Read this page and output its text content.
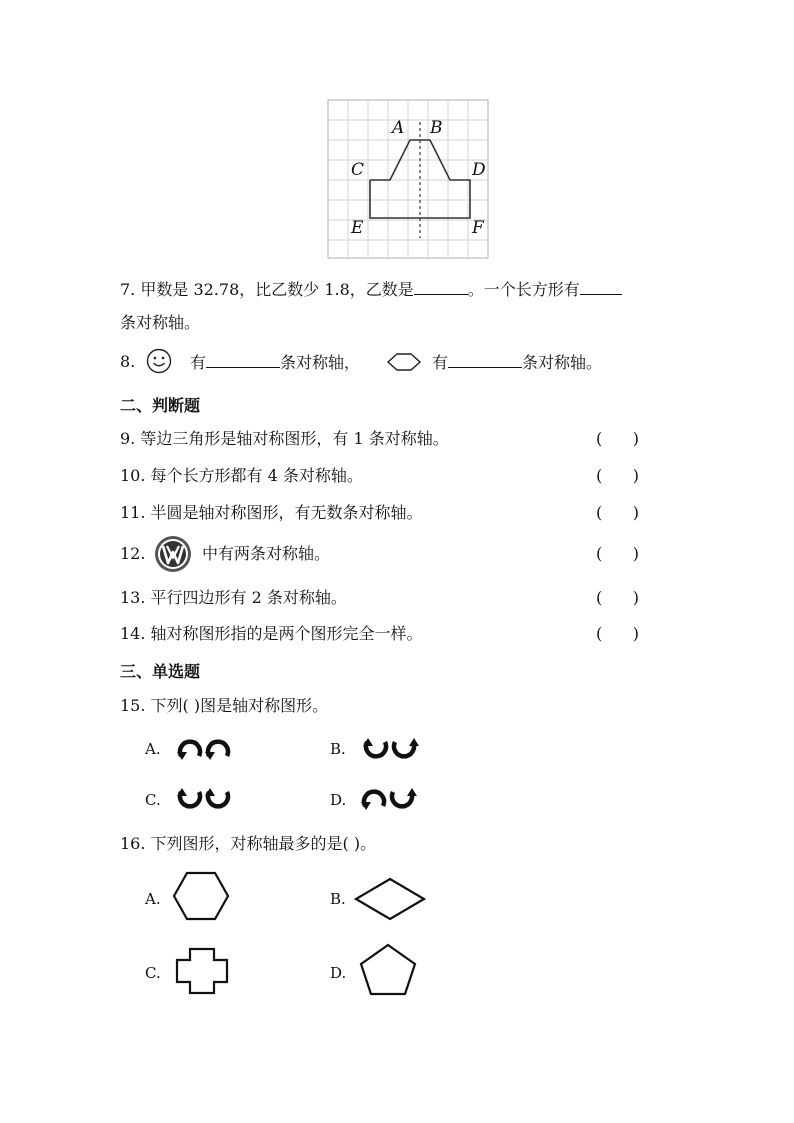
A B
C	D
E	F
7. 甲数是 32.78，比乙数少 1.8，乙数是	。一个长方形有
条对称轴。
8.	有	条对称轴，	有	条对称轴。
二、判断题
9. 等边三角形是轴对称图形，有 1 条对称轴。	(      )
10. 每个长方形都有 4 条对称轴。	(      )
11. 半圆是轴对称图形，有无数条对称轴。	(      )
12.	中有两条对称轴。	(      )
13. 平行四边形有 2 条对称轴。	(      )
14. 轴对称图形指的是两个图形完全一样。	(      )
三、单选题
15. 下列( )图是轴对称图形。
A.	B.
C.	D.
16. 下列图形，对称轴最多的是( )。
A.	B.
C.	D.
